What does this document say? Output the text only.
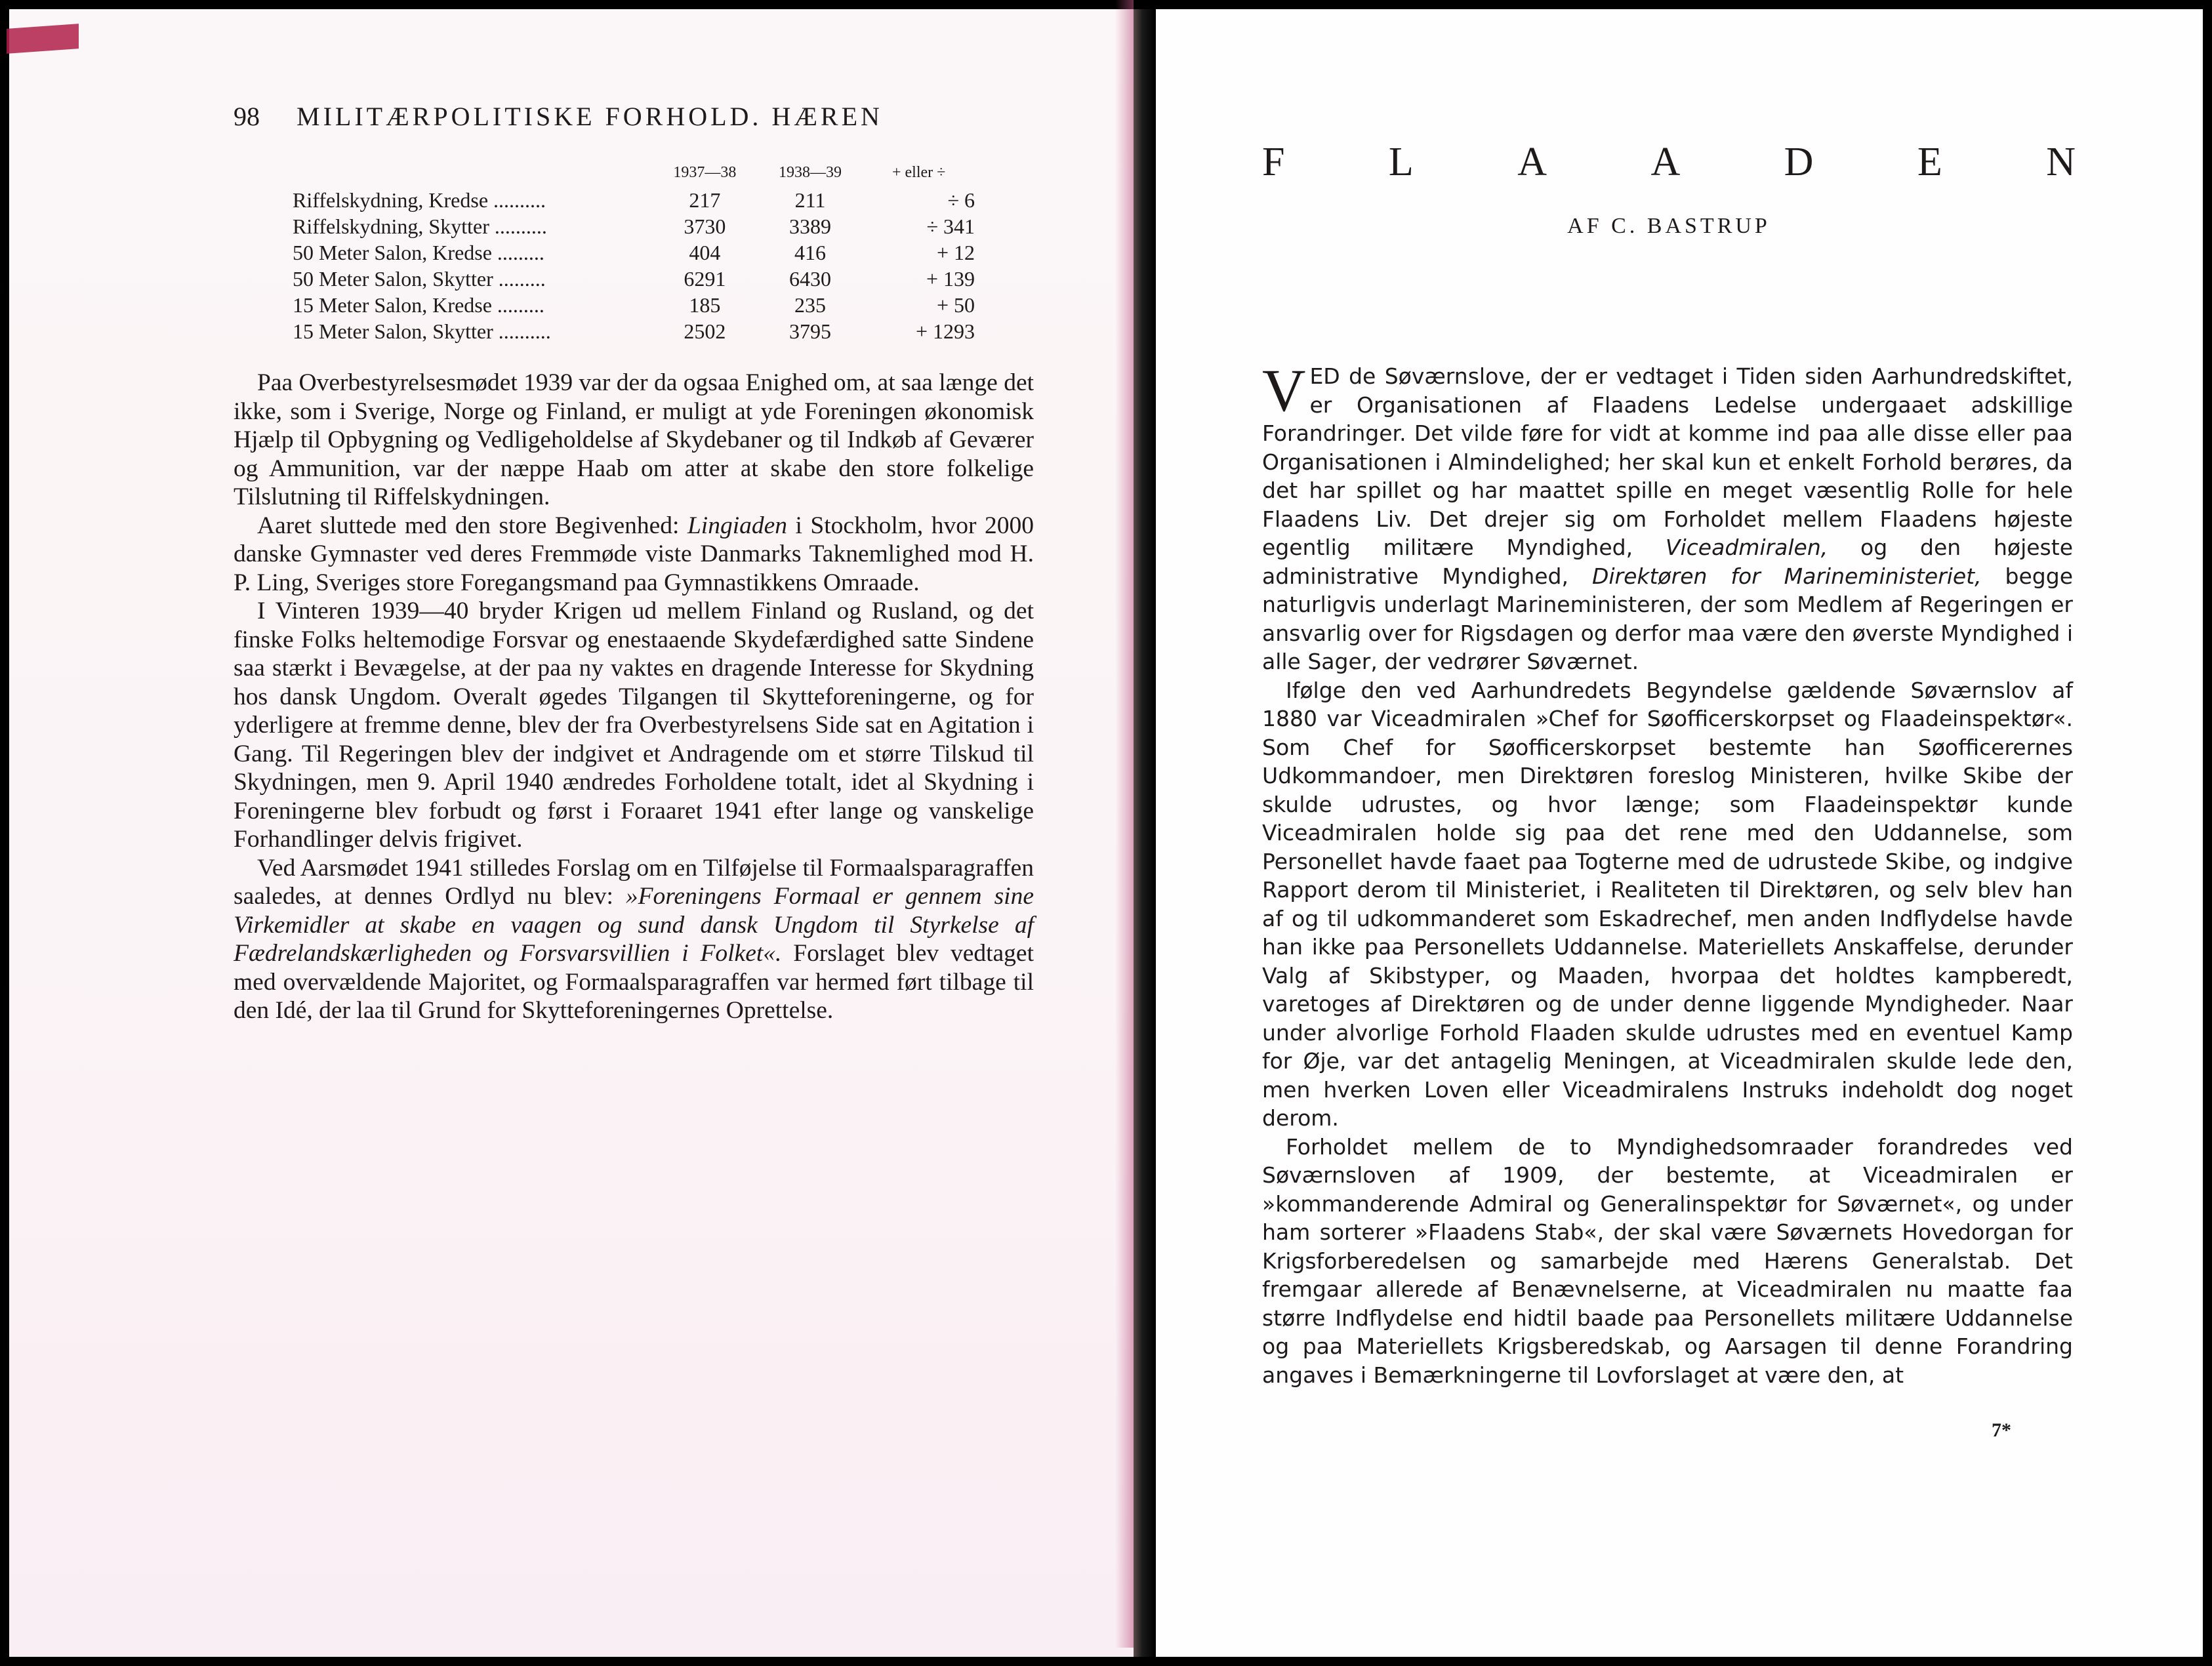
98 MILITÆRPOLITISKE FORHOLD. HÆREN
	1937—38	1938—39	+ eller ÷
Riffelskydning, Kredse ..........	217	211	÷ 6
Riffelskydning, Skytter ..........	3730	3389	÷ 341
50 Meter Salon, Kredse .........	404	416	+ 12
50 Meter Salon, Skytter .........	6291	6430	+ 139
15 Meter Salon, Kredse .........	185	235	+ 50
15 Meter Salon, Skytter ..........	2502	3795	+ 1293

Paa Overbestyrelsesmødet 1939 var der da ogsaa Enighed om, at saa længe det ikke, som i Sverige, Norge og Finland, er muligt at yde Foreningen økonomisk Hjælp til Opbygning og Vedligeholdelse af Skydebaner og til Indkøb af Geværer og Ammunition, var der næppe Haab om atter at skabe den store folkelige Tilslutning til Riffelskydningen.

Aaret sluttede med den store Begivenhed: Lingiaden i Stockholm, hvor 2000 danske Gymnaster ved deres Fremmøde viste Danmarks Taknemlighed mod H. P. Ling, Sveriges store Foregangsmand paa Gymnastikkens Omraade.

I Vinteren 1939—40 bryder Krigen ud mellem Finland og Rusland, og det finske Folks heltemodige Forsvar og enestaaende Skydefærdighed satte Sindene saa stærkt i Bevægelse, at der paa ny vaktes en dragende Interesse for Skydning hos dansk Ungdom. Overalt øgedes Tilgangen til Skytteforeningerne, og for yderligere at fremme denne, blev der fra Overbestyrelsens Side sat en Agitation i Gang. Til Regeringen blev der indgivet et Andragende om et større Tilskud til Skydningen, men 9. April 1940 ændredes Forholdene totalt, idet al Skydning i Foreningerne blev forbudt og først i Foraaret 1941 efter lange og vanskelige Forhandlinger delvis frigivet.

Ved Aarsmødet 1941 stilledes Forslag om en Tilføjelse til Formaalsparagraffen saaledes, at dennes Ordlyd nu blev: »Foreningens Formaal er gennem sine Virkemidler at skabe en vaagen og sund dansk Ungdom til Styrkelse af Fædrelandskærligheden og Forsvarsvillien i Folket«. Forslaget blev vedtaget med overvældende Majoritet, og Formaalsparagraffen var hermed ført tilbage til den Idé, der laa til Grund for Skytteforeningernes Oprettelse.

F	L	A	A	D	E	N
AF C. BASTRUP

VED de Søværnslove, der er vedtaget i Tiden siden Aarhundredskiftet, er Organisationen af Flaadens Ledelse undergaaet adskillige Forandringer. Det vilde føre for vidt at komme ind paa alle disse eller paa Organisationen i Almindelighed; her skal kun et enkelt Forhold berøres, da det har spillet og har maattet spille en meget væsentlig Rolle for hele Flaadens Liv. Det drejer sig om Forholdet mellem Flaadens højeste egentlig militære Myndighed, Viceadmiralen, og den højeste administrative Myndighed, Direktøren for Marineministeriet, begge naturligvis underlagt Marineministeren, der som Medlem af Regeringen er ansvarlig over for Rigsdagen og derfor maa være den øverste Myndighed i alle Sager, der vedrører Søværnet.

Ifølge den ved Aarhundredets Begyndelse gældende Søværnslov af 1880 var Viceadmiralen »Chef for Søofficerskorpset og Flaadeinspektør«. Som Chef for Søofficerskorpset bestemte han Søofficerernes Udkommandoer, men Direktøren foreslog Ministeren, hvilke Skibe der skulde udrustes, og hvor længe; som Flaadeinspektør kunde Viceadmiralen holde sig paa det rene med den Uddannelse, som Personellet havde faaet paa Togterne med de udrustede Skibe, og indgive Rapport derom til Ministeriet, i Realiteten til Direktøren, og selv blev han af og til udkommanderet som Eskadrechef, men anden Indflydelse havde han ikke paa Personellets Uddannelse. Materiellets Anskaffelse, derunder Valg af Skibstyper, og Maaden, hvorpaa det holdtes kampberedt, varetoges af Direktøren og de under denne liggende Myndigheder. Naar under alvorlige Forhold Flaaden skulde udrustes med en eventuel Kamp for Øje, var det antagelig Meningen, at Viceadmiralen skulde lede den, men hverken Loven eller Viceadmiralens Instruks indeholdt dog noget derom.

Forholdet mellem de to Myndighedsomraader forandredes ved Søværnsloven af 1909, der bestemte, at Viceadmiralen er »kommanderende Admiral og Generalinspektør for Søværnet«, og under ham sorterer »Flaadens Stab«, der skal være Søværnets Hovedorgan for Krigsforberedelsen og samarbejde med Hærens Generalstab. Det fremgaar allerede af Benævnelserne, at Viceadmiralen nu maatte faa større Indflydelse end hidtil baade paa Personellets militære Uddannelse og paa Materiellets Krigsberedskab, og Aarsagen til denne Forandring angaves i Bemærkningerne til Lovforslaget at være den, at

7*
